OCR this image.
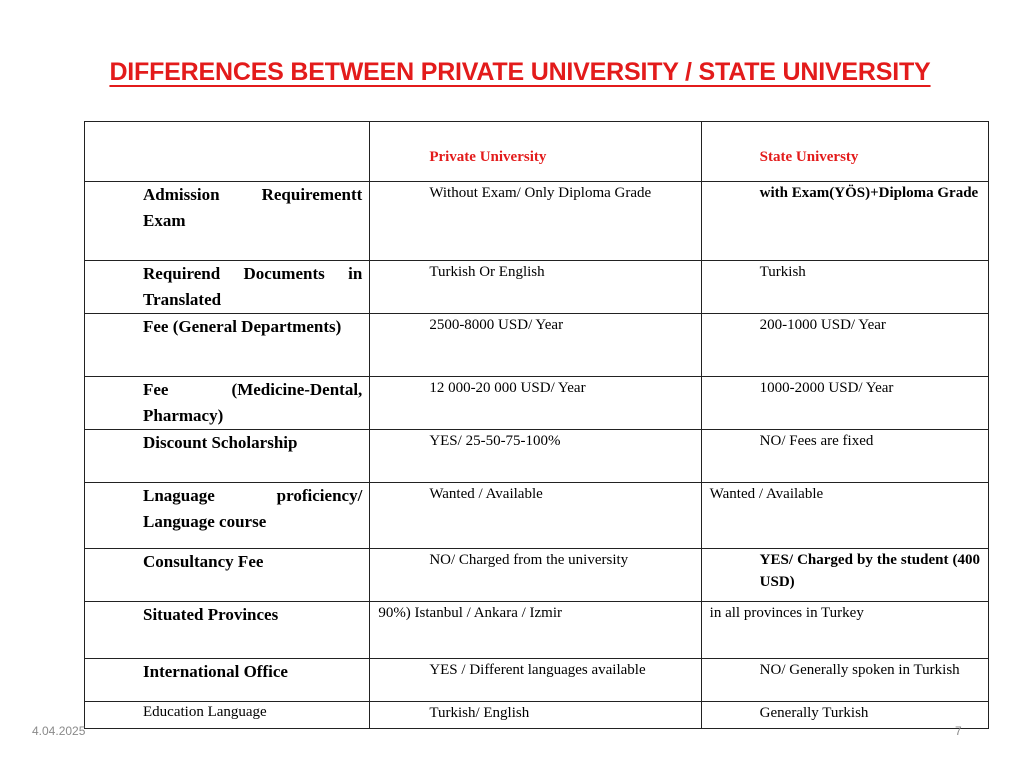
DIFFERENCES BETWEEN PRIVATE UNIVERSITY / STATE UNIVERSITY
	Private University	State Universty
Admission Requirementt Exam	Without Exam/ Only Diploma Grade	with Exam(YÖS)+Diploma Grade
Requirend Documents in Translated	Turkish Or English	Turkish
Fee (General Departments)	2500-8000 USD/ Year	200-1000 USD/ Year
Fee (Medicine-Dental, Pharmacy)	12 000-20 000 USD/ Year	1000-2000 USD/ Year
Discount Scholarship	YES/ 25-50-75-100%	NO/ Fees are fixed
Lnaguage proficiency/ Language course	Wanted / Available	Wanted / Available
Consultancy Fee	NO/ Charged from the university	YES/ Charged by the student (400 USD)
Situated Provinces	90%) Istanbul / Ankara / Izmir	in all provinces in Turkey
International Office	YES / Different languages available	NO/ Generally spoken in Turkish
Education Language	Turkish/ English	Generally Turkish
4.04.2025	7
